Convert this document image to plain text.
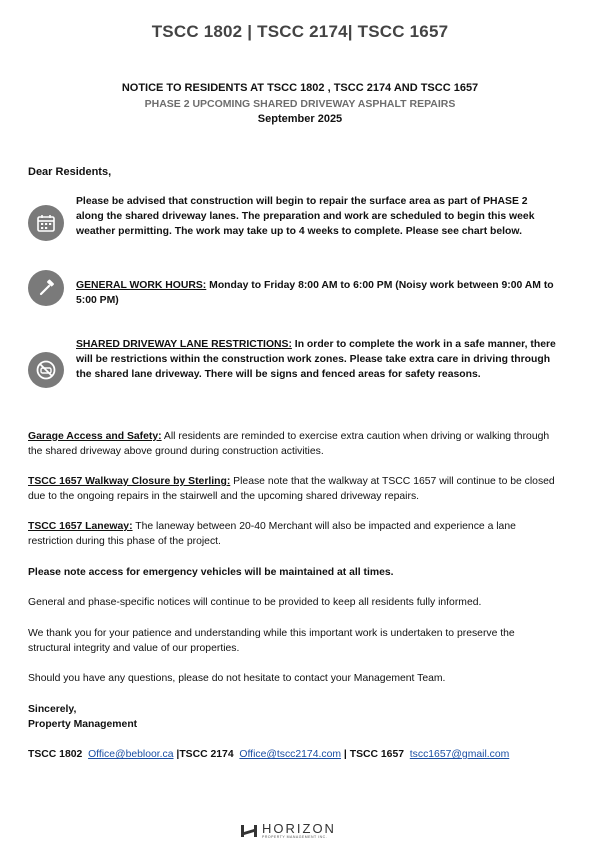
TSCC 1802 | TSCC 2174| TSCC 1657
NOTICE TO RESIDENTS AT TSCC 1802 , TSCC 2174 AND TSCC 1657
PHASE 2 UPCOMING SHARED DRIVEWAY ASPHALT REPAIRS
September 2025
Dear Residents,
Please be advised that construction will begin to repair the surface area as part of PHASE 2 along the shared driveway lanes. The preparation and work are scheduled to begin this week weather permitting. The work may take up to 4 weeks to complete. Please see chart below.
GENERAL WORK HOURS: Monday to Friday 8:00 AM to 6:00 PM (Noisy work between 9:00 AM to 5:00 PM)
SHARED DRIVEWAY LANE RESTRICTIONS: In order to complete the work in a safe manner, there will be restrictions within the construction work zones. Please take extra care in driving through the shared lane driveway. There will be signs and fenced areas for safety reasons.
Garage Access and Safety: All residents are reminded to exercise extra caution when driving or walking through the shared driveway above ground during construction activities.
TSCC 1657 Walkway Closure by Sterling: Please note that the walkway at TSCC 1657 will continue to be closed due to the ongoing repairs in the stairwell and the upcoming shared driveway repairs.
TSCC 1657 Laneway: The laneway between 20-40 Merchant will also be impacted and experience a lane restriction during this phase of the project.
Please note access for emergency vehicles will be maintained at all times.
General and phase-specific notices will continue to be provided to keep all residents fully informed.
We thank you for your patience and understanding while this important work is undertaken to preserve the structural integrity and value of our properties.
Should you have any questions, please do not hesitate to contact your Management Team.
Sincerely,
Property Management
TSCC 1802 Office@bebloor.ca |TSCC 2174 Office@tscc2174.com | TSCC 1657 tscc1657@gmail.com
HORIZON
PROPERTY MANAGEMENT INC.
